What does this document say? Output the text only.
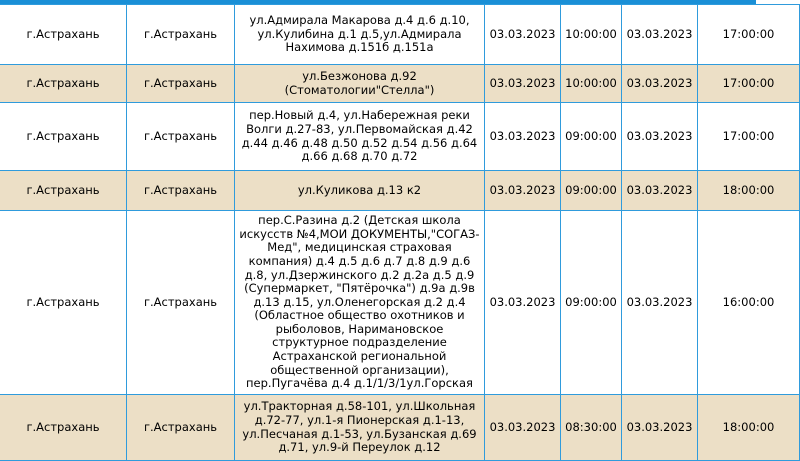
г.Астрахань	г.Астрахань	ул.Адмирала Макарова д.4 д.6 д.10, ул.Кулибина д.1 д.5,ул.Адмирала Нахимова д.151б д.151а	03.03.2023	10:00:00	03.03.2023	17:00:00
г.Астрахань	г.Астрахань	ул.Безжонова д.92 (Стоматологии"Стелла")	03.03.2023	10:00:00	03.03.2023	17:00:00
г.Астрахань	г.Астрахань	пер.Новый д.4, ул.Набережная реки Волги д.27-83, ул.Первомайская д.42 д.44 д.46 д.48 д.50 д.52 д.54 д.56 д.64 д.66 д.68 д.70 д.72	03.03.2023	09:00:00	03.03.2023	17:00:00
г.Астрахань	г.Астрахань	ул.Куликова д.13 к2	03.03.2023	09:00:00	03.03.2023	18:00:00
г.Астрахань	г.Астрахань	пер.С.Разина д.2 (Детская школа искусств №4,МОИ ДОКУМЕНТЫ,"СОГАЗ-Мед", медицинская страховая компания) д.4 д.5 д.6 д.7 д.8 д.9 д.6 д.8, ул.Дзержинского д.2 д.2а д.5 д.9 (Супермаркет, "Пятёрочка") д.9а д.9в д.13 д.15, ул.Оленегорская д.2 д.4 (Областное общество охотников и рыболовов, Наримановское структурное подразделение Астраханской региональной общественной организации), пер.Пугачёва д.4 д.1/1/3/1ул.Горская	03.03.2023	09:00:00	03.03.2023	16:00:00
г.Астрахань	г.Астрахань	ул.Тракторная д.58-101, ул.Школьная д.72-77, ул.1-я Пионерская д.1-13, ул.Песчаная д.1-53, ул.Бузанская д.69 д.71, ул.9-й Переулок д.12	03.03.2023	08:30:00	03.03.2023	18:00:00
